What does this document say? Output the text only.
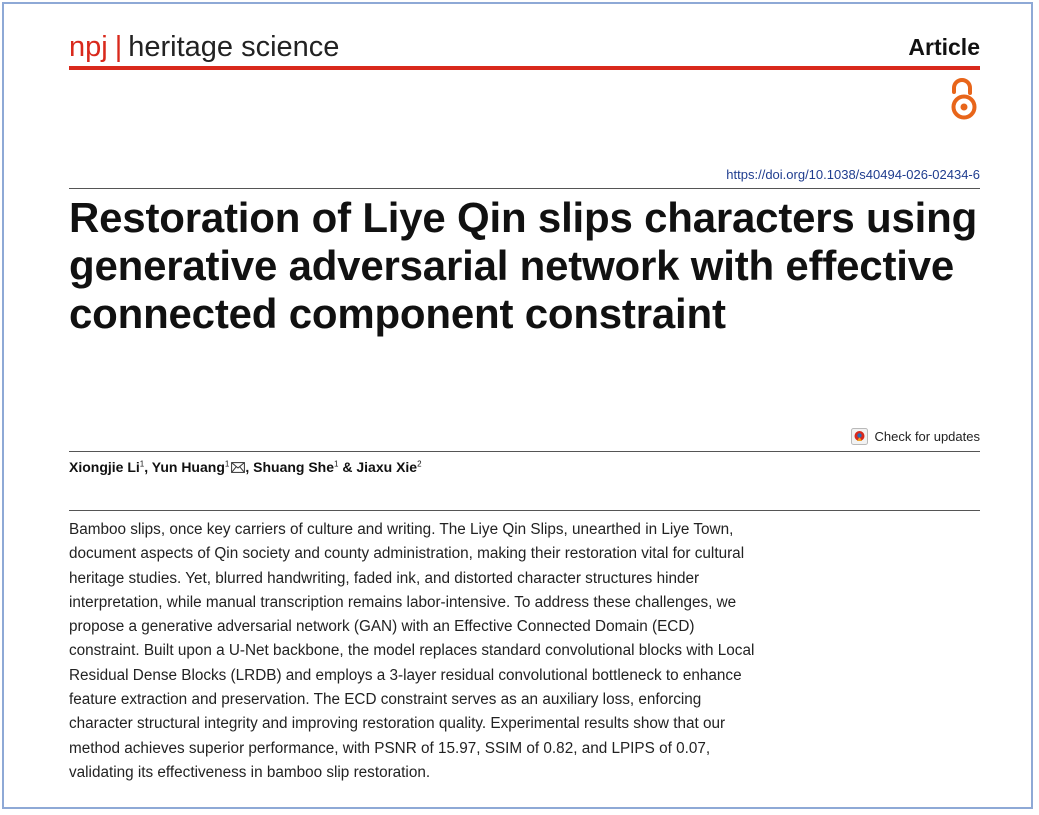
npj | heritage science	Article
https://doi.org/10.1038/s40494-026-02434-6
Restoration of Liye Qin slips characters using generative adversarial network with effective connected component constraint
Check for updates
Xiongjie Li$^1$, Yun Huang$^1$ , Shuang She$^1$ & Jiaxu Xie$^2$
Bamboo slips, once key carriers of culture and writing. The Liye Qin Slips, unearthed in Liye Town,
document aspects of Qin society and county administration, making their restoration vital for cultural
heritage studies. Yet, blurred handwriting, faded ink, and distorted character structures hinder
interpretation, while manual transcription remains labor-intensive. To address these challenges, we
propose a generative adversarial network (GAN) with an Effective Connected Domain (ECD)
constraint. Built upon a U-Net backbone, the model replaces standard convolutional blocks with Local
Residual Dense Blocks (LRDB) and employs a 3-layer residual convolutional bottleneck to enhance
feature extraction and preservation. The ECD constraint serves as an auxiliary loss, enforcing
character structural integrity and improving restoration quality. Experimental results show that our
method achieves superior performance, with PSNR of 15.97, SSIM of 0.82, and LPIPS of 0.07,
validating its effectiveness in bamboo slip restoration.
